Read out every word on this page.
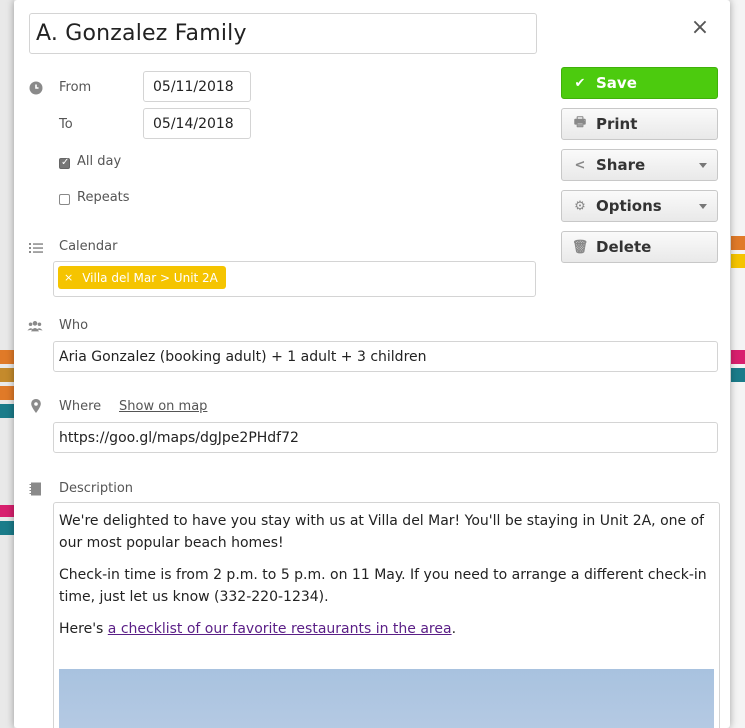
A. Gonzalez Family	×
From	05/11/2018
To	05/14/2018
✓
All day
Repeats
Calendar
× Villa del Mar > Unit 2A
Who
Aria Gonzalez (booking adult) + 1 adult + 3 children
Where Show on map
https://goo.gl/maps/dgJpe2PHdf72
Description

We're delighted to have you stay with us at Villa del Mar! You'll be staying in Unit 2A, one of our most popular beach homes!

Check-in time is from 2 p.m. to 5 p.m. on 11 May. If you need to arrange a different check-in time, just let us know (332-220-1234).

Here's a checklist of our favorite restaurants in the area.

✔ Save
🖶 Print
< Share
⚙ Options
🗑 Delete
